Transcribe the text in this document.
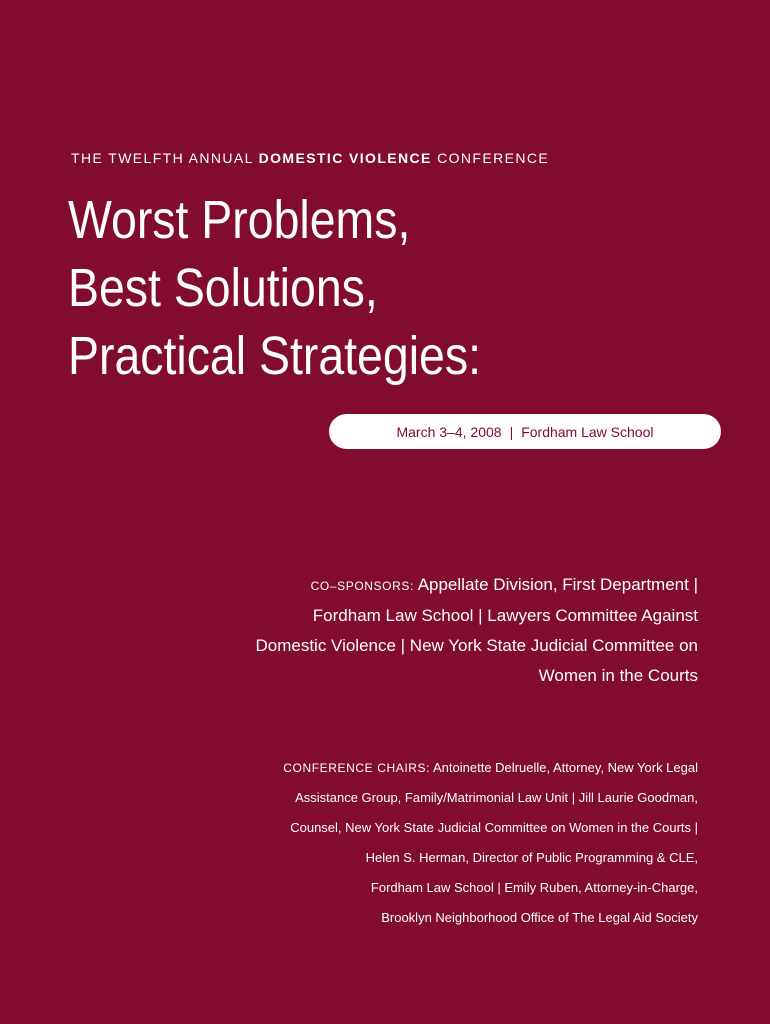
THE TWELFTH ANNUAL DOMESTIC VIOLENCE CONFERENCE
Worst Problems,
Best Solutions,
Practical Strategies:
March 3–4, 2008 | Fordham Law School
CO–SPONSORS: Appellate Division, First Department |
Fordham Law School | Lawyers Committee Against
Domestic Violence | New York State Judicial Committee on
Women in the Courts
CONFERENCE CHAIRS: Antoinette Delruelle, Attorney, New York Legal
Assistance Group, Family/Matrimonial Law Unit | Jill Laurie Goodman,
Counsel, New York State Judicial Committee on Women in the Courts |
Helen S. Herman, Director of Public Programming & CLE,
Fordham Law School | Emily Ruben, Attorney-in-Charge,
Brooklyn Neighborhood Office of The Legal Aid Society
